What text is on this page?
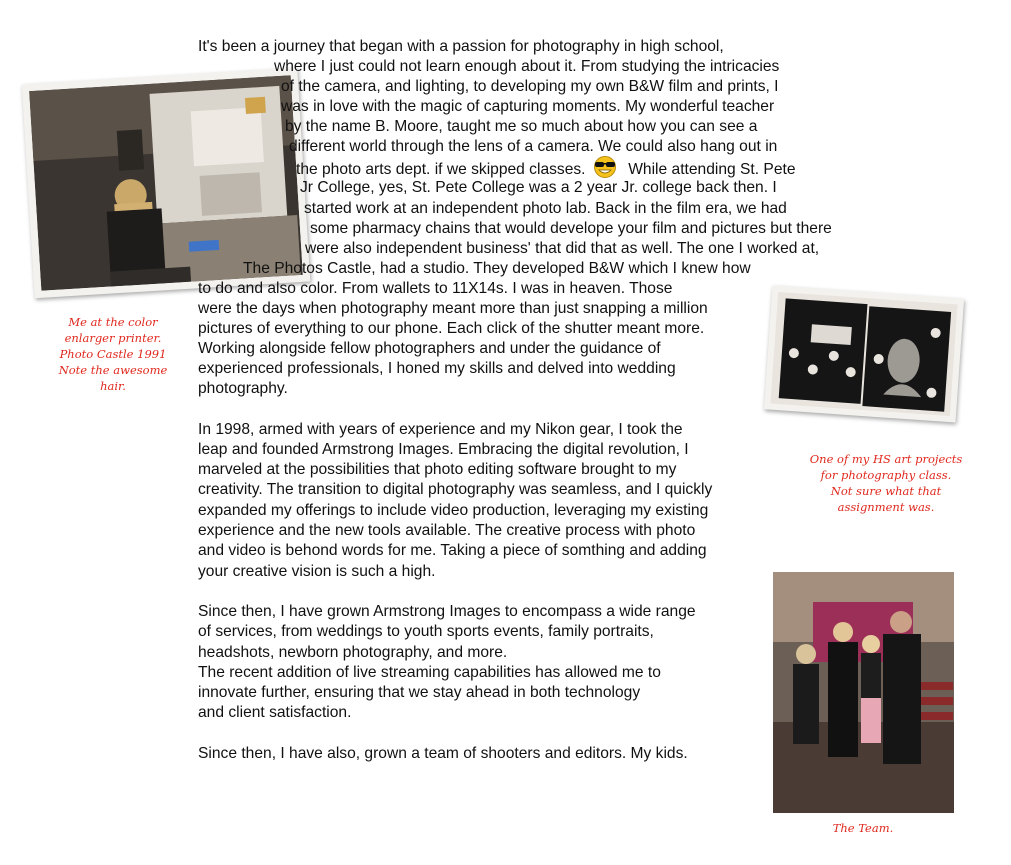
It's been a journey that began with a passion for photography in high school,
where I just could not learn enough about it. From studying the intricacies
of the camera, and lighting, to developing my own B&W film and prints, I
was in love with the magic of capturing moments. My wonderful teacher
by the name B. Moore, taught me so much about how you can see a
different world through the lens of a camera. We could also hang out in
the photo arts dept. if we skipped classes.	While attending St. Pete
Jr College, yes, St. Pete College was a 2 year Jr. college back then. I
started work at an independent photo lab. Back in the film era, we had
some pharmacy chains that would develope your film and pictures but there
were also independent business' that did that as well. The one I worked at,
The Photos Castle, had a studio. They developed B&W which I knew how
to do and also color. From wallets to 11X14s. I was in heaven. Those
were the days when photography meant more than just snapping a million
pictures of everything to our phone. Each click of the shutter meant more.
Working alongside fellow photographers and under the guidance of
experienced professionals, I honed my skills and delved into wedding
photography.
In 1998, armed with years of experience and my Nikon gear, I took the
leap and founded Armstrong Images. Embracing the digital revolution, I
marveled at the possibilities that photo editing software brought to my
creativity. The transition to digital photography was seamless, and I quickly
expanded my offerings to include video production, leveraging my existing
experience and the new tools available. The creative process with photo
and video is behond words for me. Taking a piece of somthing and adding
your creative vision is such a high.
Since then, I have grown Armstrong Images to encompass a wide range
of services, from weddings to youth sports events, family portraits,
headshots, newborn photography, and more.
The recent addition of live streaming capabilities has allowed me to
innovate further, ensuring that we stay ahead in both technology
and client satisfaction.
Since then, I have also, grown a team of shooters and editors. My kids.
Me at the color
enlarger printer.
Photo Castle 1991
Note the awesome
hair.
One of my HS art projects
for photography class.
Not sure what that
assignment was.
The Team.
